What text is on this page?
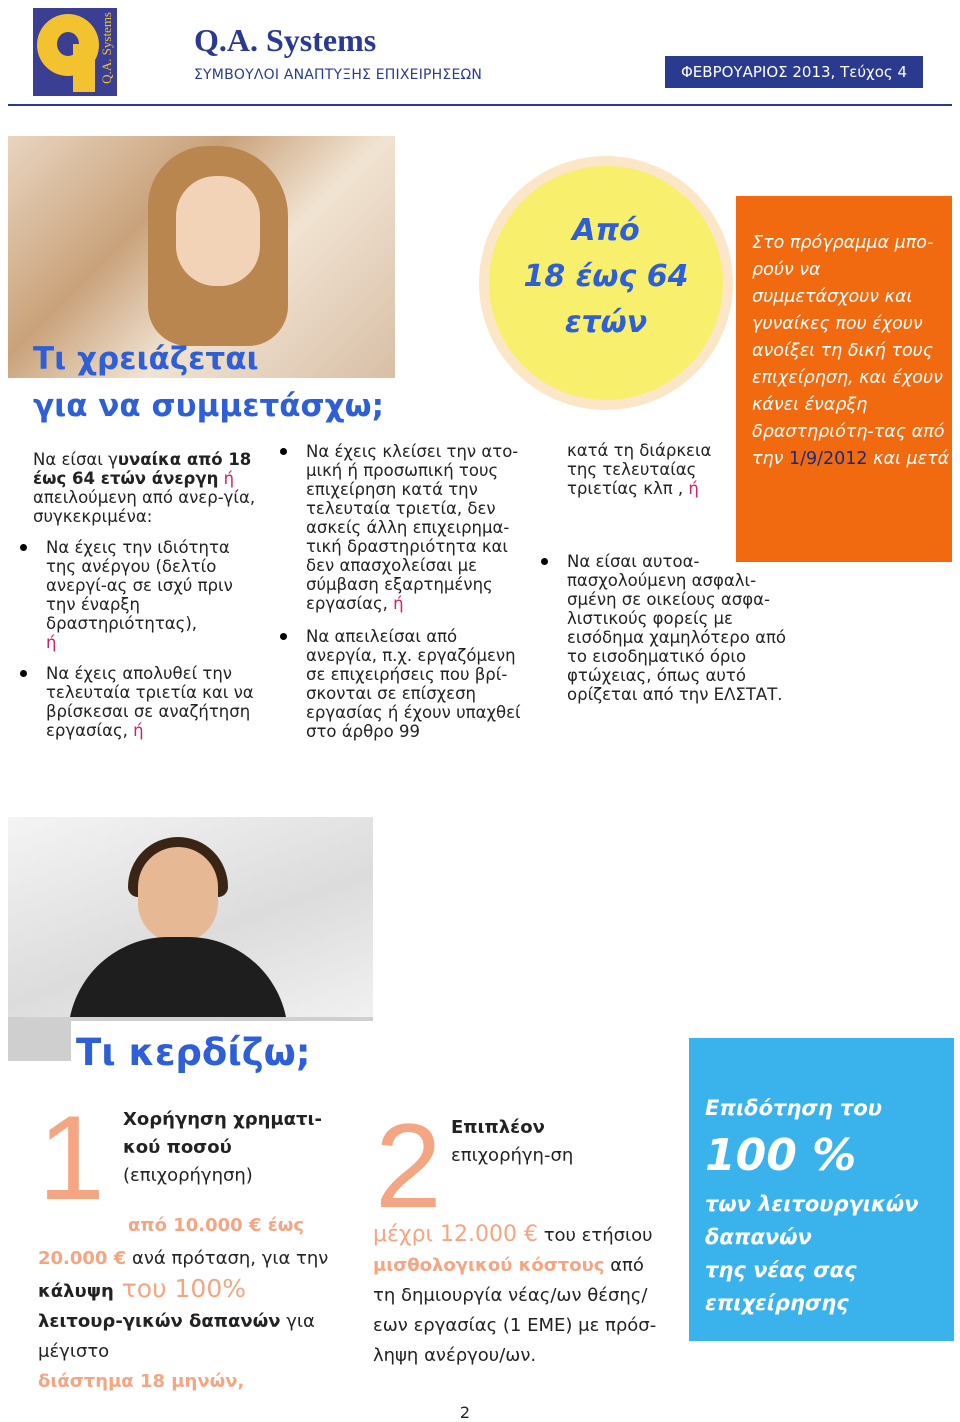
Q.A. Systems	Q.A. Systems
ΣΥΜΒΟΥΛΟΙ ΑΝΑΠΤΥΞΗΣ ΕΠΙΧΕΙΡΗΣΕΩΝ	ΦΕΒΡΟΥΑΡΙΟΣ 2013, Τεύχος 4
Τι χρειάζεται
για να συμμετάσχω;
Να είσαι γυναίκα από 18 έως 64 ετών άνεργη ή απειλούμενη από ανερ-γία, συγκεκριμένα:
Να έχεις την ιδιότητα της ανέργου (δελτίο ανεργί-ας σε ισχύ πριν την έναρξη δραστηριότητας),
ή
Να έχεις απολυθεί την τελευταία τριετία και να βρίσκεσαι σε αναζήτηση εργασίας, ή
Να έχεις κλείσει την ατο-μική ή προσωπική τους επιχείρηση κατά την τελευταία τριετία, δεν ασκείς άλλη επιχειρημα-τική δραστηριότητα και δεν απασχολείσαι με σύμβαση εξαρτημένης εργασίας, ή
Να απειλείσαι από ανεργία, π.χ. εργαζόμενη σε επιχειρήσεις που βρί-σκονται σε επίσχεση εργασίας ή έχουν υπαχθεί στο άρθρο 99
Από
18 έως 64
ετών
κατά τη διάρκεια της τελευταίας τριετίας κλπ , ή
Να είσαι αυτοα-πασχολούμενη ασφαλι-σμένη σε οικείους ασφα-λιστικούς φορείς με εισόδημα χαμηλότερο από το εισοδηματικό όριο φτώχειας, όπως αυτό ορίζεται από την ΕΛΣΤΑΤ.
Στο πρόγραμμα μπο-ρούν να συμμετάσχουν και γυναίκες που έχουν ανοίξει τη δική τους επιχείρηση, και έχουν κάνει έναρξη δραστηριότη-τας από την 1/9/2012 και μετά
Τι κερδίζω;
1 Χορήγηση χρηματι-κού ποσού
(επιχορήγηση)
από 10.000 € έως
20.000 € ανά πρόταση, για την
κάλυψη του 100% λειτουρ-γικών δαπανών για μέγιστο
διάστημα 18 μηνών,
2 Επιπλέον επιχορήγη-ση
μέχρι 12.000 € του ετήσιου
μισθολογικού κόστους από τη δημιουργία νέας/ων θέσης/ εων εργασίας (1 ΕΜΕ) με πρόσ-ληψη ανέργου/ων.
Επιδότηση του
100 %
των λειτουργικών δαπανών
της νέας σας επιχείρησης
2
